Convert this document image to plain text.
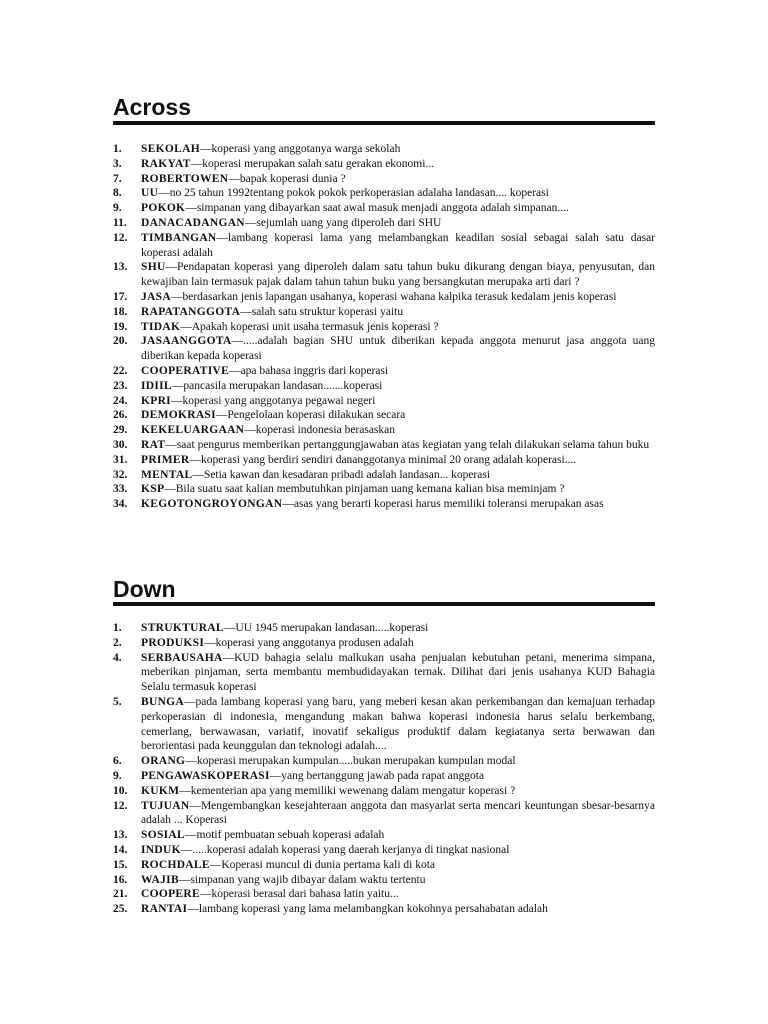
Across
1.	SEKOLAH—koperasi yang anggotanya warga sekolah
3.	RAKYAT—koperasi merupakan salah satu gerakan ekonomi...
7.	ROBERTOWEN—bapak koperasi dunia ?
8.	UU—no 25 tahun 1992tentang pokok pokok perkoperasian adalaha landasan.... koperasi
9.	POKOK—simpanan yang dibayarkan saat awal masuk menjadi anggota adalah simpanan....
11.	DANACADANGAN—sejumlah uang yang diperoleh dari SHU
12.	TIMBANGAN—lambang koperasi lama yang melambangkan keadilan sosial sebagai salah satu dasar koperasi adalah
13.	SHU—Pendapatan koperasi yang diperoleh dalam satu tahun buku dikurang dengan biaya, penyusutan, dan kewajiban lain termasuk pajak dalam tahun tahun buku yang bersangkutan merupaka arti dari ?
17.	JASA—berdasarkan jenis lapangan usahanya, koperasi wahana kalpika terasuk kedalam jenis koperasi
18.	RAPATANGGOTA—salah satu struktur koperasi yaitu
19.	TIDAK—Apakah koperasi unit usaha termasuk jenis koperasi ?
20.	JASAANGGOTA—.....adalah bagian SHU untuk diberikan kepada anggota menurut jasa anggota uang diberikan kepada koperasi
22.	COOPERATIVE—apa bahasa inggris dari koperasi
23.	IDIIL—pancasila merupakan landasan.......koperasi
24.	KPRI—koperasi yang anggotanya pegawai negeri
26.	DEMOKRASI—Pengelolaan koperasi dilakukan secara
29.	KEKELUARGAAN—koperasi indonesia berasaskan
30.	RAT—saat pengurus memberikan pertanggungjawaban atas kegiatan yang telah dilakukan selama tahun buku
31.	PRIMER—koperasi yang berdiri sendiri dananggotanya minimal 20 orang adalah koperasi....
32.	MENTAL—Setia kawan dan kesadaran pribadi adalah landasan... koperasi
33.	KSP—Bila suatu saat kalian membutuhkan pinjaman uang kemana kalian bisa meminjam ?
34.	KEGOTONGROYONGAN—asas yang berarti koperasi harus memiliki toleransi merupakan asas
Down
1.	STRUKTURAL—UU 1945 merupakan landasan.....koperasi
2.	PRODUKSI—koperasi yang anggotanya produsen adalah
4.	SERBAUSAHA—KUD bahagia selalu malkukan usaha penjualan kebutuhan petani, menerima simpana, meberikan pinjaman, serta membantu membudidayakan ternak. Dilihat dari jenis usahanya KUD Bahagia Selalu termasuk koperasi
5.	BUNGA—pada lambang koperasi yang baru, yang meberi kesan akan perkembangan dan kemajuan terhadap perkoperasian di indonesia, mengandung makan bahwa koperasi indonesia harus selalu berkembang, cemerlang, berwawasan, variatif, inovatif sekaligus produktif dalam kegiatanya serta berwawan dan berorientasi pada keunggulan dan teknologi adalah....
6.	ORANG—koperasi merupakan kumpulan.....bukan merupakan kumpulan modal
9.	PENGAWASKOPERASI—yang bertanggung jawab pada rapat anggota
10.	KUKM—kementerian apa yang memiliki wewenang dalam mengatur koperasi ?
12.	TUJUAN—Mengembangkan kesejahteraan anggota dan masyarlat serta mencari keuntungan sbesar-besarnya adalah ... Koperasi
13.	SOSIAL—motif pembuatan sebuah koperasi adalah
14.	INDUK—.....koperasi adalah koperasi yang daerah kerjanya di tingkat nasional
15.	ROCHDALE—Koperasi muncul di dunia pertama kali di kota
16.	WAJIB—simpanan yang wajib dibayar dalam waktu tertentu
21.	COOPERE—koperasi berasal dari bahasa latin yaitu...
25.	RANTAI—lambang koperasi yang lama melambangkan kokohnya persahabatan adalah
